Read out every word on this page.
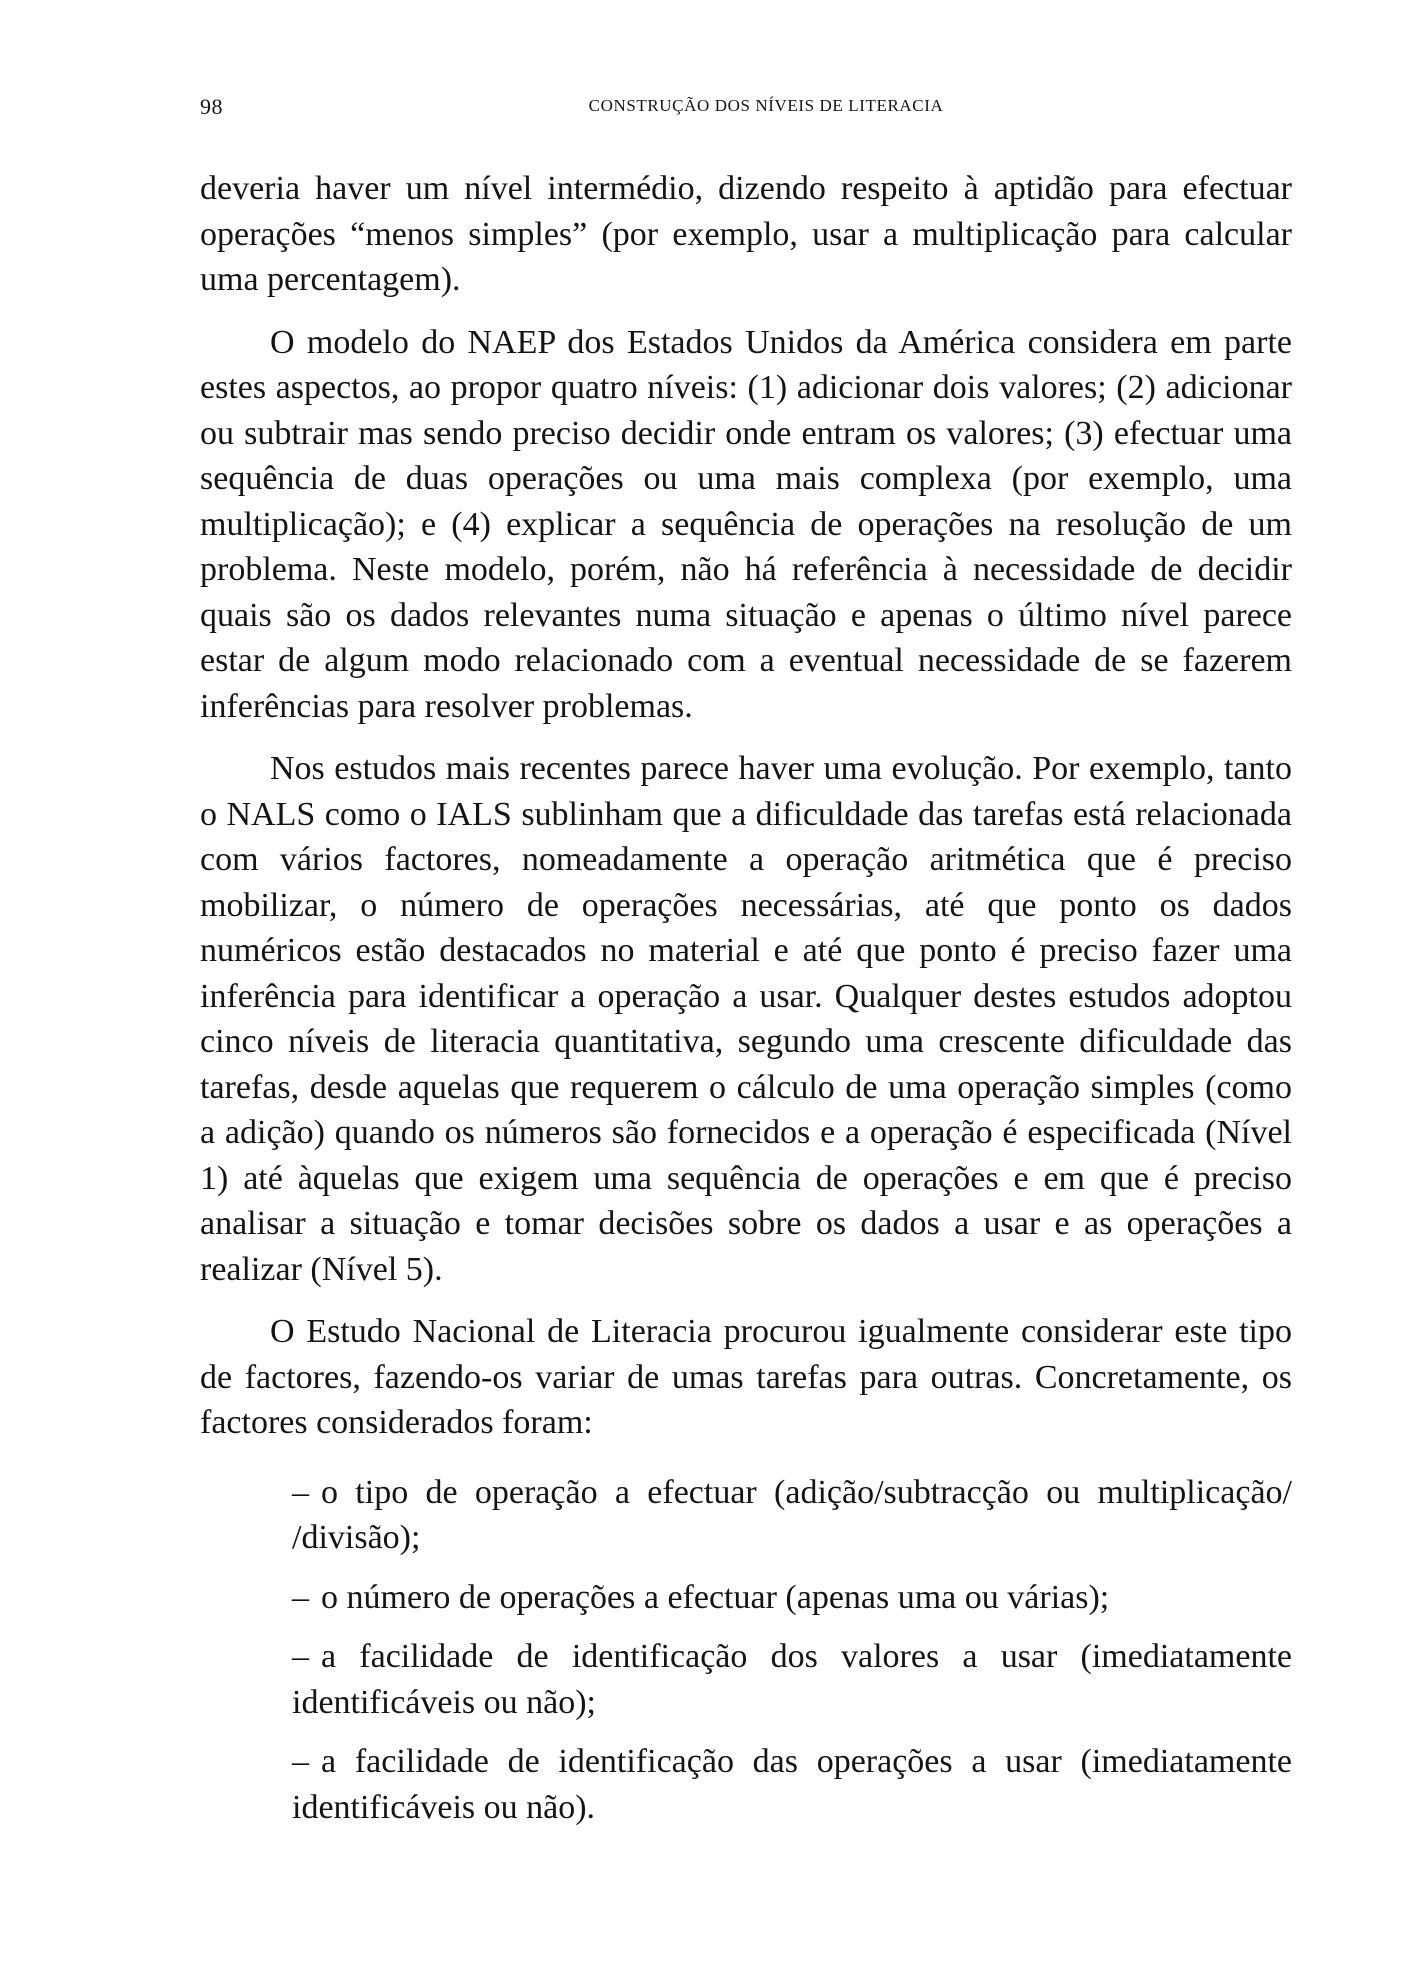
98	CONSTRUÇÃO DOS NÍVEIS DE LITERACIA

deveria haver um nível intermédio, dizendo respeito à aptidão para efectuar operações “menos simples” (por exemplo, usar a multiplicação para calcular uma percentagem).

O modelo do NAEP dos Estados Unidos da América considera em parte estes aspectos, ao propor quatro níveis: (1) adicionar dois valores; (2) adicionar ou subtrair mas sendo preciso decidir onde entram os valores; (3) efectuar uma sequência de duas operações ou uma mais complexa (por exemplo, uma multiplicação); e (4) explicar a sequência de operações na resolução de um problema. Neste modelo, porém, não há referência à necessidade de decidir quais são os dados relevantes numa situação e apenas o último nível parece estar de algum modo relacionado com a eventual necessidade de se fazerem inferências para resolver problemas.

Nos estudos mais recentes parece haver uma evolução. Por exemplo, tanto o NALS como o IALS sublinham que a dificuldade das tarefas está relacionada com vários factores, nomeadamente a operação aritmética que é preciso mobilizar, o número de operações necessárias, até que ponto os dados numéricos estão destacados no material e até que ponto é preciso fazer uma inferência para identificar a operação a usar. Qualquer destes estudos adoptou cinco níveis de literacia quantitativa, segundo uma crescente dificuldade das tarefas, desde aquelas que requerem o cálculo de uma operação simples (como a adição) quando os números são fornecidos e a operação é especificada (Nível 1) até àquelas que exigem uma sequência de operações e em que é preciso analisar a situação e tomar decisões sobre os dados a usar e as operações a realizar (Nível 5).

O Estudo Nacional de Literacia procurou igualmente considerar este tipo de factores, fazendo-os variar de umas tarefas para outras. Concretamente, os factores considerados foram:

– o tipo de operação a efectuar (adição/subtracção ou multiplicação/ /divisão);
– o número de operações a efectuar (apenas uma ou várias);
– a facilidade de identificação dos valores a usar (imediatamente identificáveis ou não);
– a facilidade de identificação das operações a usar (imediatamente identificáveis ou não).
